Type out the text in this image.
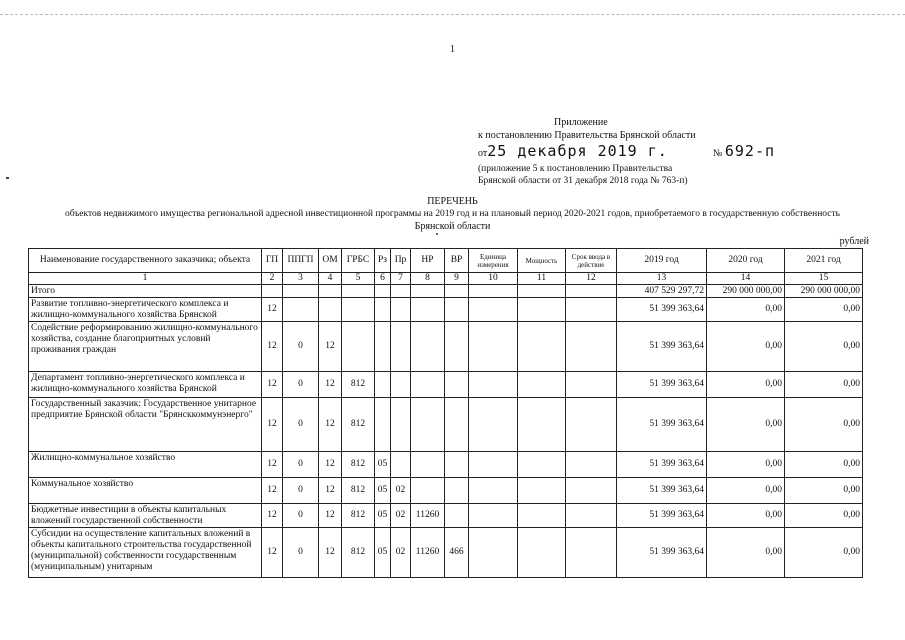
1
Приложение
к постановлению Правительства Брянской области
от25 декабря 2019 г.	№ 692-п
(приложение 5 к постановлению Правительства
Брянской области от 31 декабря 2018 года № 763-п)
ПЕРЕЧЕНЬ
объектов недвижимого имущества региональной адресной инвестиционной программы на 2019 год и на плановый период 2020-2021 годов, приобретаемого в государственную собственность
Брянской области
рублей
Наименование государственного заказчика; объекта	ГП	ППГП	ОМ	ГРБС	Рз	Пр	НР	ВР	Единица измерения	Мощность	Срок ввода в действие	2019 год	2020 год	2021 год
1	2	3	4	5	6	7	8	9	10	11	12	13	14	15
Итого												407 529 297,72	290 000 000,00	290 000 000,00
Развитие топливно-энергетического комплекса и жилищно-коммунального хозяйства Брянской	12											51 399 363,64	0,00	0,00
Содействие реформированию жилищно-коммунального хозяйства, создание благоприятных условий проживания граждан	12	0	12									51 399 363,64	0,00	0,00
Департамент топливно-энергетического комплекса и жилищно-коммунального хозяйства Брянской	12	0	12	812								51 399 363,64	0,00	0,00
Государственный заказчик: Государственное унитарное предприятие Брянской области "Брянсккоммунэнерго"	12	0	12	812								51 399 363,64	0,00	0,00
Жилищно-коммунальное хозяйство	12	0	12	812	05							51 399 363,64	0,00	0,00
Коммунальное хозяйство	12	0	12	812	05	02						51 399 363,64	0,00	0,00
Бюджетные инвестиции в объекты капитальных вложений государственной собственности	12	0	12	812	05	02	11260					51 399 363,64	0,00	0,00
Субсидии на осуществление капитальных вложений в объекты капитального строительства государственной (муниципальной) собственности государственным (муниципальным) унитарным	12	0	12	812	05	02	11260	466				51 399 363,64	0,00	0,00
